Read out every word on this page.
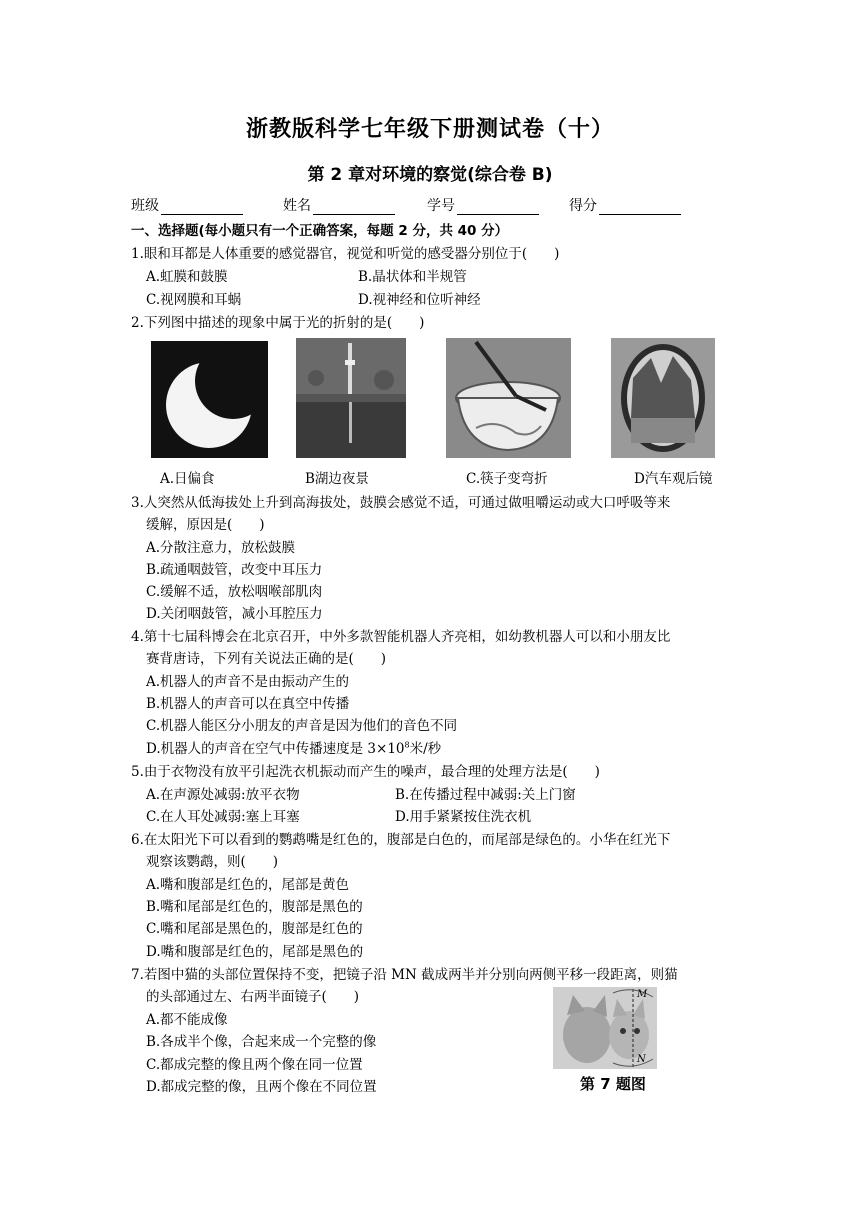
浙教版科学七年级下册测试卷（十）
第 2 章对环境的察觉(综合卷 B)
班级	姓名	学号	得分
一、选择题(每小题只有一个正确答案，每题 2 分，共 40 分）
1.眼和耳都是人体重要的感觉器官，视觉和听觉的感受器分别位于(　　)
A.虹膜和鼓膜	B.晶状体和半规管
C.视网膜和耳蜗	D.视神经和位听神经
2.下列图中描述的现象中属于光的折射的是(　　)
A.日偏食	B湖边夜景	C.筷子变弯折	D汽车观后镜
3.人突然从低海拔处上升到高海拔处，鼓膜会感觉不适，可通过做咀嚼运动或大口呼吸等来
缓解，原因是(　　)
A.分散注意力，放松鼓膜
B.疏通咽鼓管，改变中耳压力
C.缓解不适，放松咽喉部肌肉
D.关闭咽鼓管，减小耳腔压力
4.第十七届科博会在北京召开，中外多款智能机器人齐亮相，如幼教机器人可以和小朋友比
赛背唐诗，下列有关说法正确的是(　　)
A.机器人的声音不是由振动产生的
B.机器人的声音可以在真空中传播
C.机器人能区分小朋友的声音是因为他们的音色不同
D.机器人的声音在空气中传播速度是 $3\times 10^8$米/秒
5.由于衣物没有放平引起洗衣机振动而产生的噪声，最合理的处理方法是(　　)
A.在声源处减弱:放平衣物	B.在传播过程中减弱:关上门窗
C.在人耳处减弱:塞上耳塞	D.用手紧紧按住洗衣机
6.在太阳光下可以看到的鹦鹉嘴是红色的，腹部是白色的，而尾部是绿色的。小华在红光下
观察该鹦鹉，则(　　)
A.嘴和腹部是红色的，尾部是黄色
B.嘴和尾部是红色的，腹部是黑色的
C.嘴和尾部是黑色的，腹部是红色的
D.嘴和腹部是红色的，尾部是黑色的
7.若图中猫的头部位置保持不变，把镜子沿 MN 截成两半并分别向两侧平移一段距离，则猫
的头部通过左、右两半面镜子(　　)
A.都不能成像
B.各成半个像，合起来成一个完整的像
C.都成完整的像且两个像在同一位置
D.都成完整的像，且两个像在不同位置
M
N
第 7 题图
